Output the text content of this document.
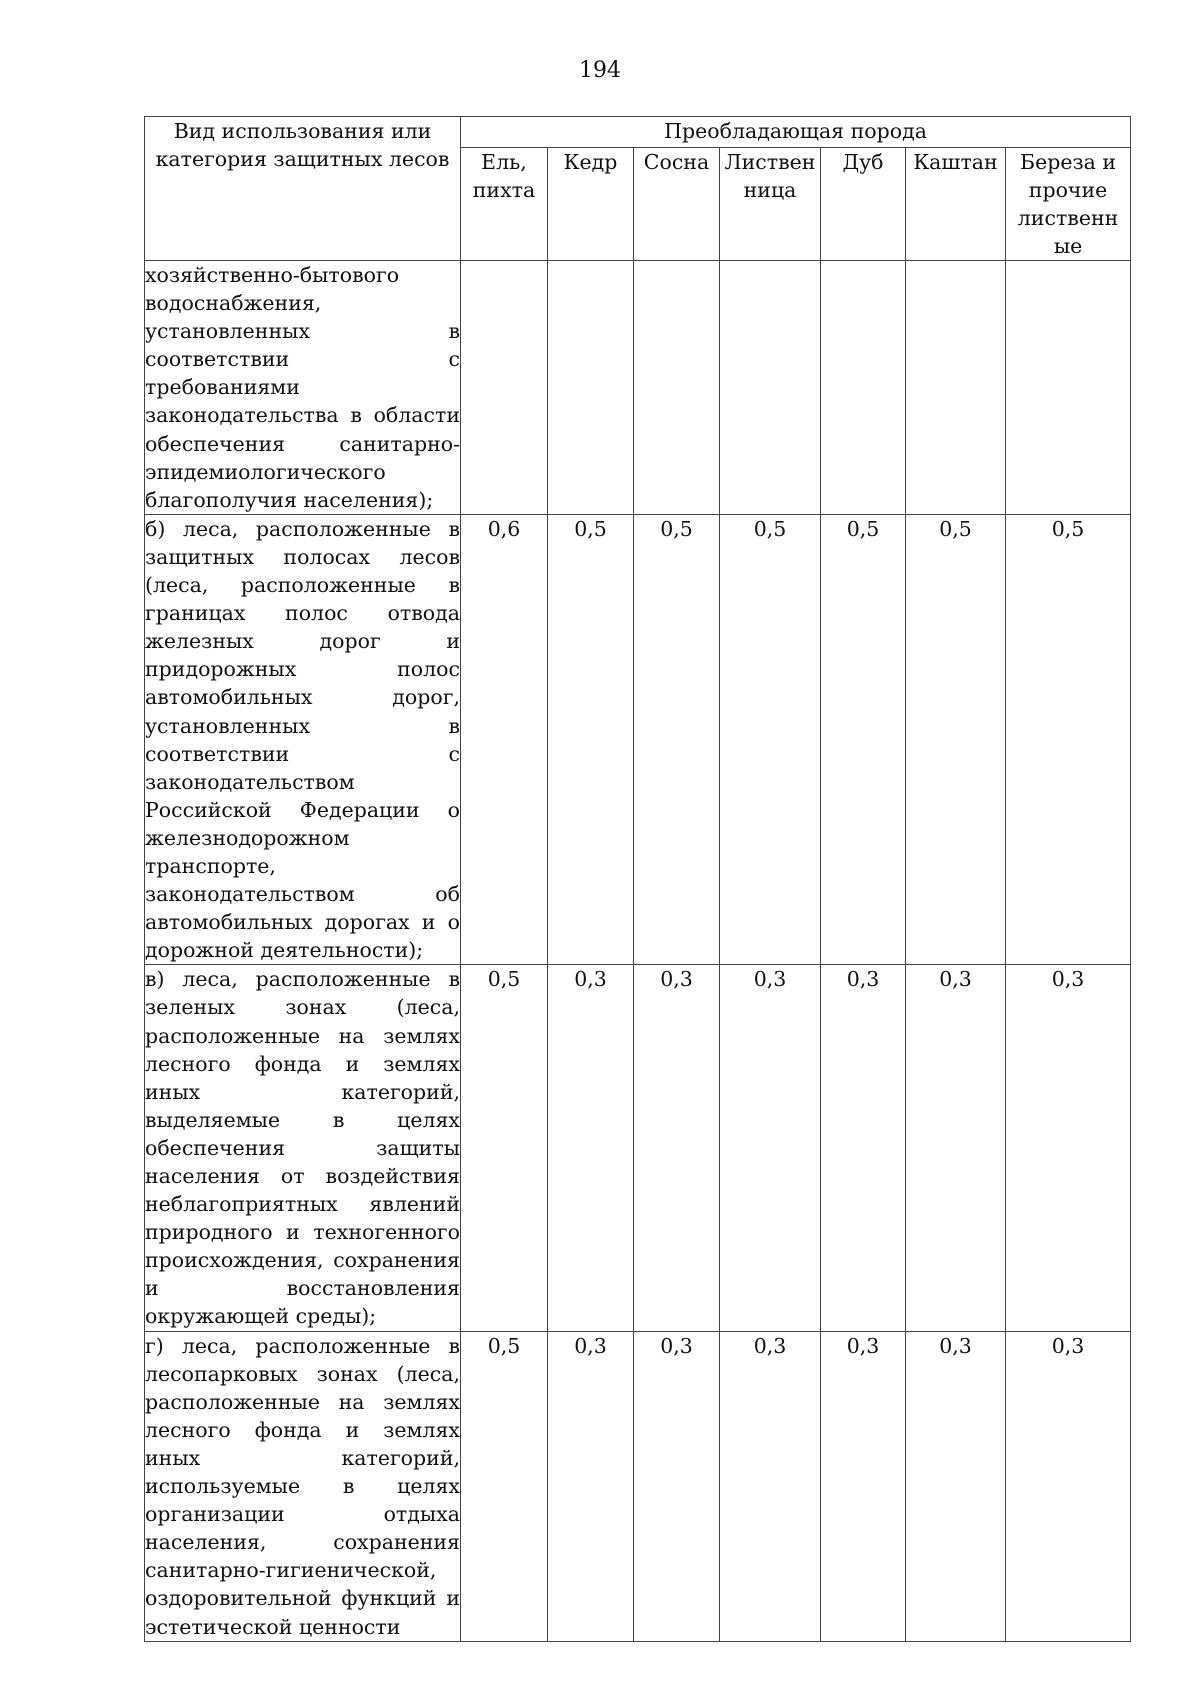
194
Вид использования или категория защитных лесов	Преобладающая порода						
	Ель, пихта	Кедр	Сосна	Листвен ница	Дуб	Каштан	Береза и прочие лиственн ые
хозяйственно-бытового водоснабжения, установленных в соответствии с требованиями законодательства в области обеспечения санитарно-эпидемиологического благополучия населения);							
б) леса, расположенные в защитных полосах лесов (леса, расположенные в границах полос отвода железных дорог и придорожных полос автомобильных дорог, установленных в соответствии с законодательством Российской Федерации о железнодорожном транспорте, законодательством об автомобильных дорогах и о дорожной деятельности);	0,6	0,5	0,5	0,5	0,5	0,5	0,5
в) леса, расположенные в зеленых зонах (леса, расположенные на землях лесного фонда и землях иных категорий, выделяемые в целях обеспечения защиты населения от воздействия неблагоприятных явлений природного и техногенного происхождения, сохранения и восстановления окружающей среды);	0,5	0,3	0,3	0,3	0,3	0,3	0,3
г) леса, расположенные в лесопарковых зонах (леса, расположенные на землях лесного фонда и землях иных категорий, используемые в целях организации отдыха населения, сохранения санитарно-гигиенической, оздоровительной функций и эстетической ценности	0,5	0,3	0,3	0,3	0,3	0,3	0,3
